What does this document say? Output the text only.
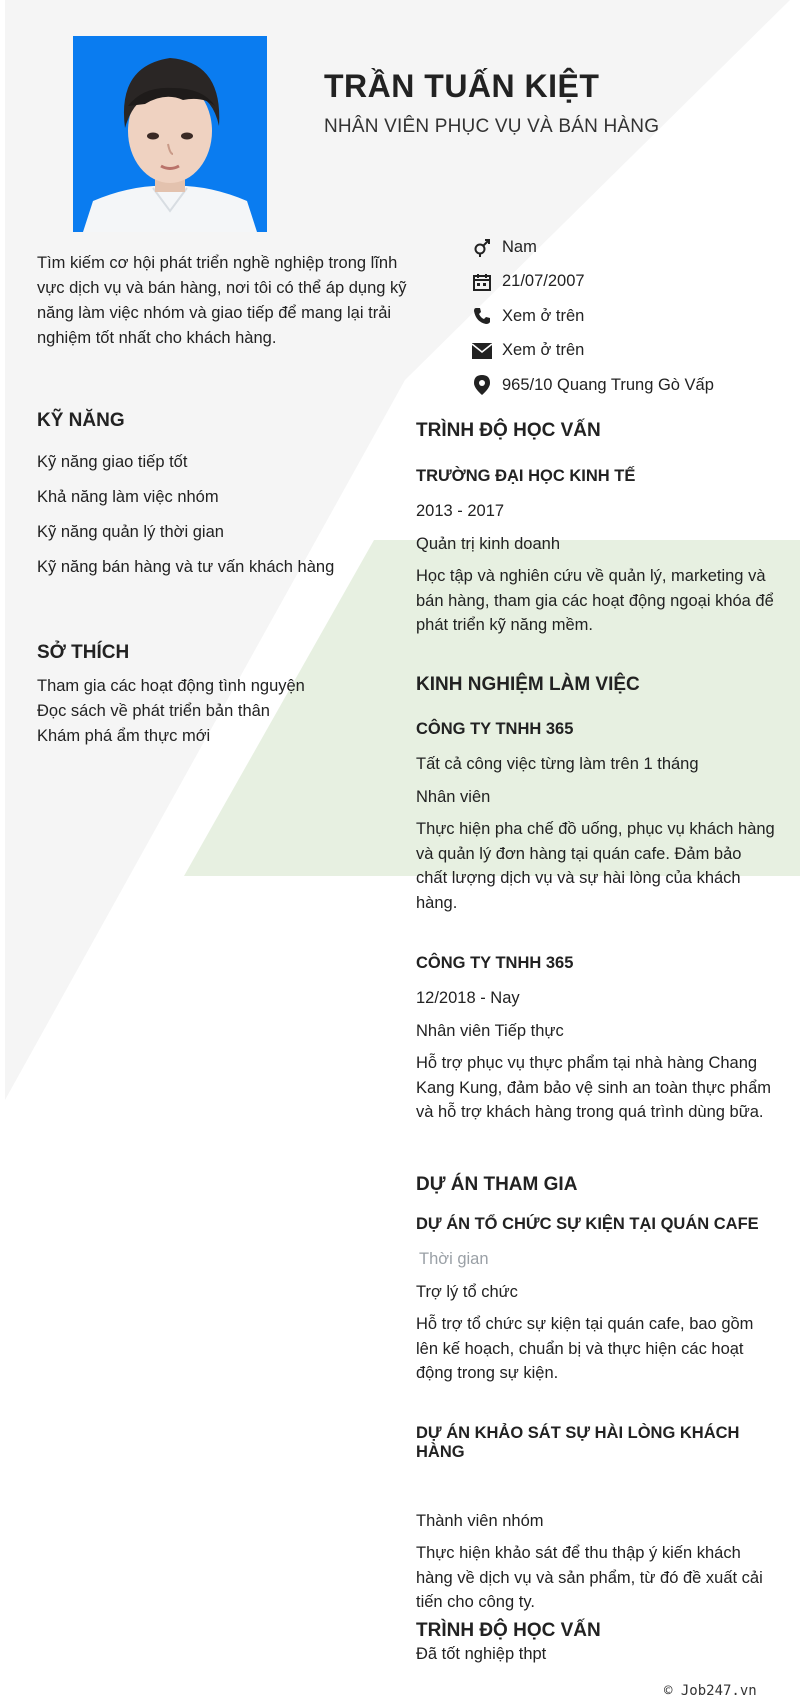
TRẦN TUẤN KIỆT
NHÂN VIÊN PHỤC VỤ VÀ BÁN HÀNG
Tìm kiếm cơ hội phát triển nghề nghiệp trong lĩnh vực dịch vụ và bán hàng, nơi tôi có thể áp dụng kỹ năng làm việc nhóm và giao tiếp để mang lại trải nghiệm tốt nhất cho khách hàng.
Nam
21/07/2007
Xem ở trên
Xem ở trên
965/10 Quang Trung Gò Vấp
KỸ NĂNG
Kỹ năng giao tiếp tốt
Khả năng làm việc nhóm
Kỹ năng quản lý thời gian
Kỹ năng bán hàng và tư vấn khách hàng
SỞ THÍCH
Tham gia các hoạt động tình nguyện
Đọc sách về phát triển bản thân
Khám phá ẩm thực mới
TRÌNH ĐỘ HỌC VẤN
TRƯỜNG ĐẠI HỌC KINH TẾ
2013 - 2017
Quản trị kinh doanh
Học tập và nghiên cứu về quản lý, marketing và bán hàng, tham gia các hoạt động ngoại khóa để phát triển kỹ năng mềm.
KINH NGHIỆM LÀM VIỆC
CÔNG TY TNHH 365
Tất cả công việc từng làm trên 1 tháng
Nhân viên
Thực hiện pha chế đồ uống, phục vụ khách hàng và quản lý đơn hàng tại quán cafe. Đảm bảo chất lượng dịch vụ và sự hài lòng của khách hàng.
CÔNG TY TNHH 365
12/2018 - Nay
Nhân viên Tiếp thực
Hỗ trợ phục vụ thực phẩm tại nhà hàng Chang Kang Kung, đảm bảo vệ sinh an toàn thực phẩm và hỗ trợ khách hàng trong quá trình dùng bữa.
DỰ ÁN THAM GIA
DỰ ÁN TỔ CHỨC SỰ KIỆN TẠI QUÁN CAFE
Thời gian
Trợ lý tổ chức
Hỗ trợ tổ chức sự kiện tại quán cafe, bao gồm lên kế hoạch, chuẩn bị và thực hiện các hoạt động trong sự kiện.
DỰ ÁN KHẢO SÁT SỰ HÀI LÒNG KHÁCH HÀNG
Thành viên nhóm
Thực hiện khảo sát để thu thập ý kiến khách hàng về dịch vụ và sản phẩm, từ đó đề xuất cải tiến cho công ty.
TRÌNH ĐỘ HỌC VẤN
Đã tốt nghiệp thpt
© Job247.vn
